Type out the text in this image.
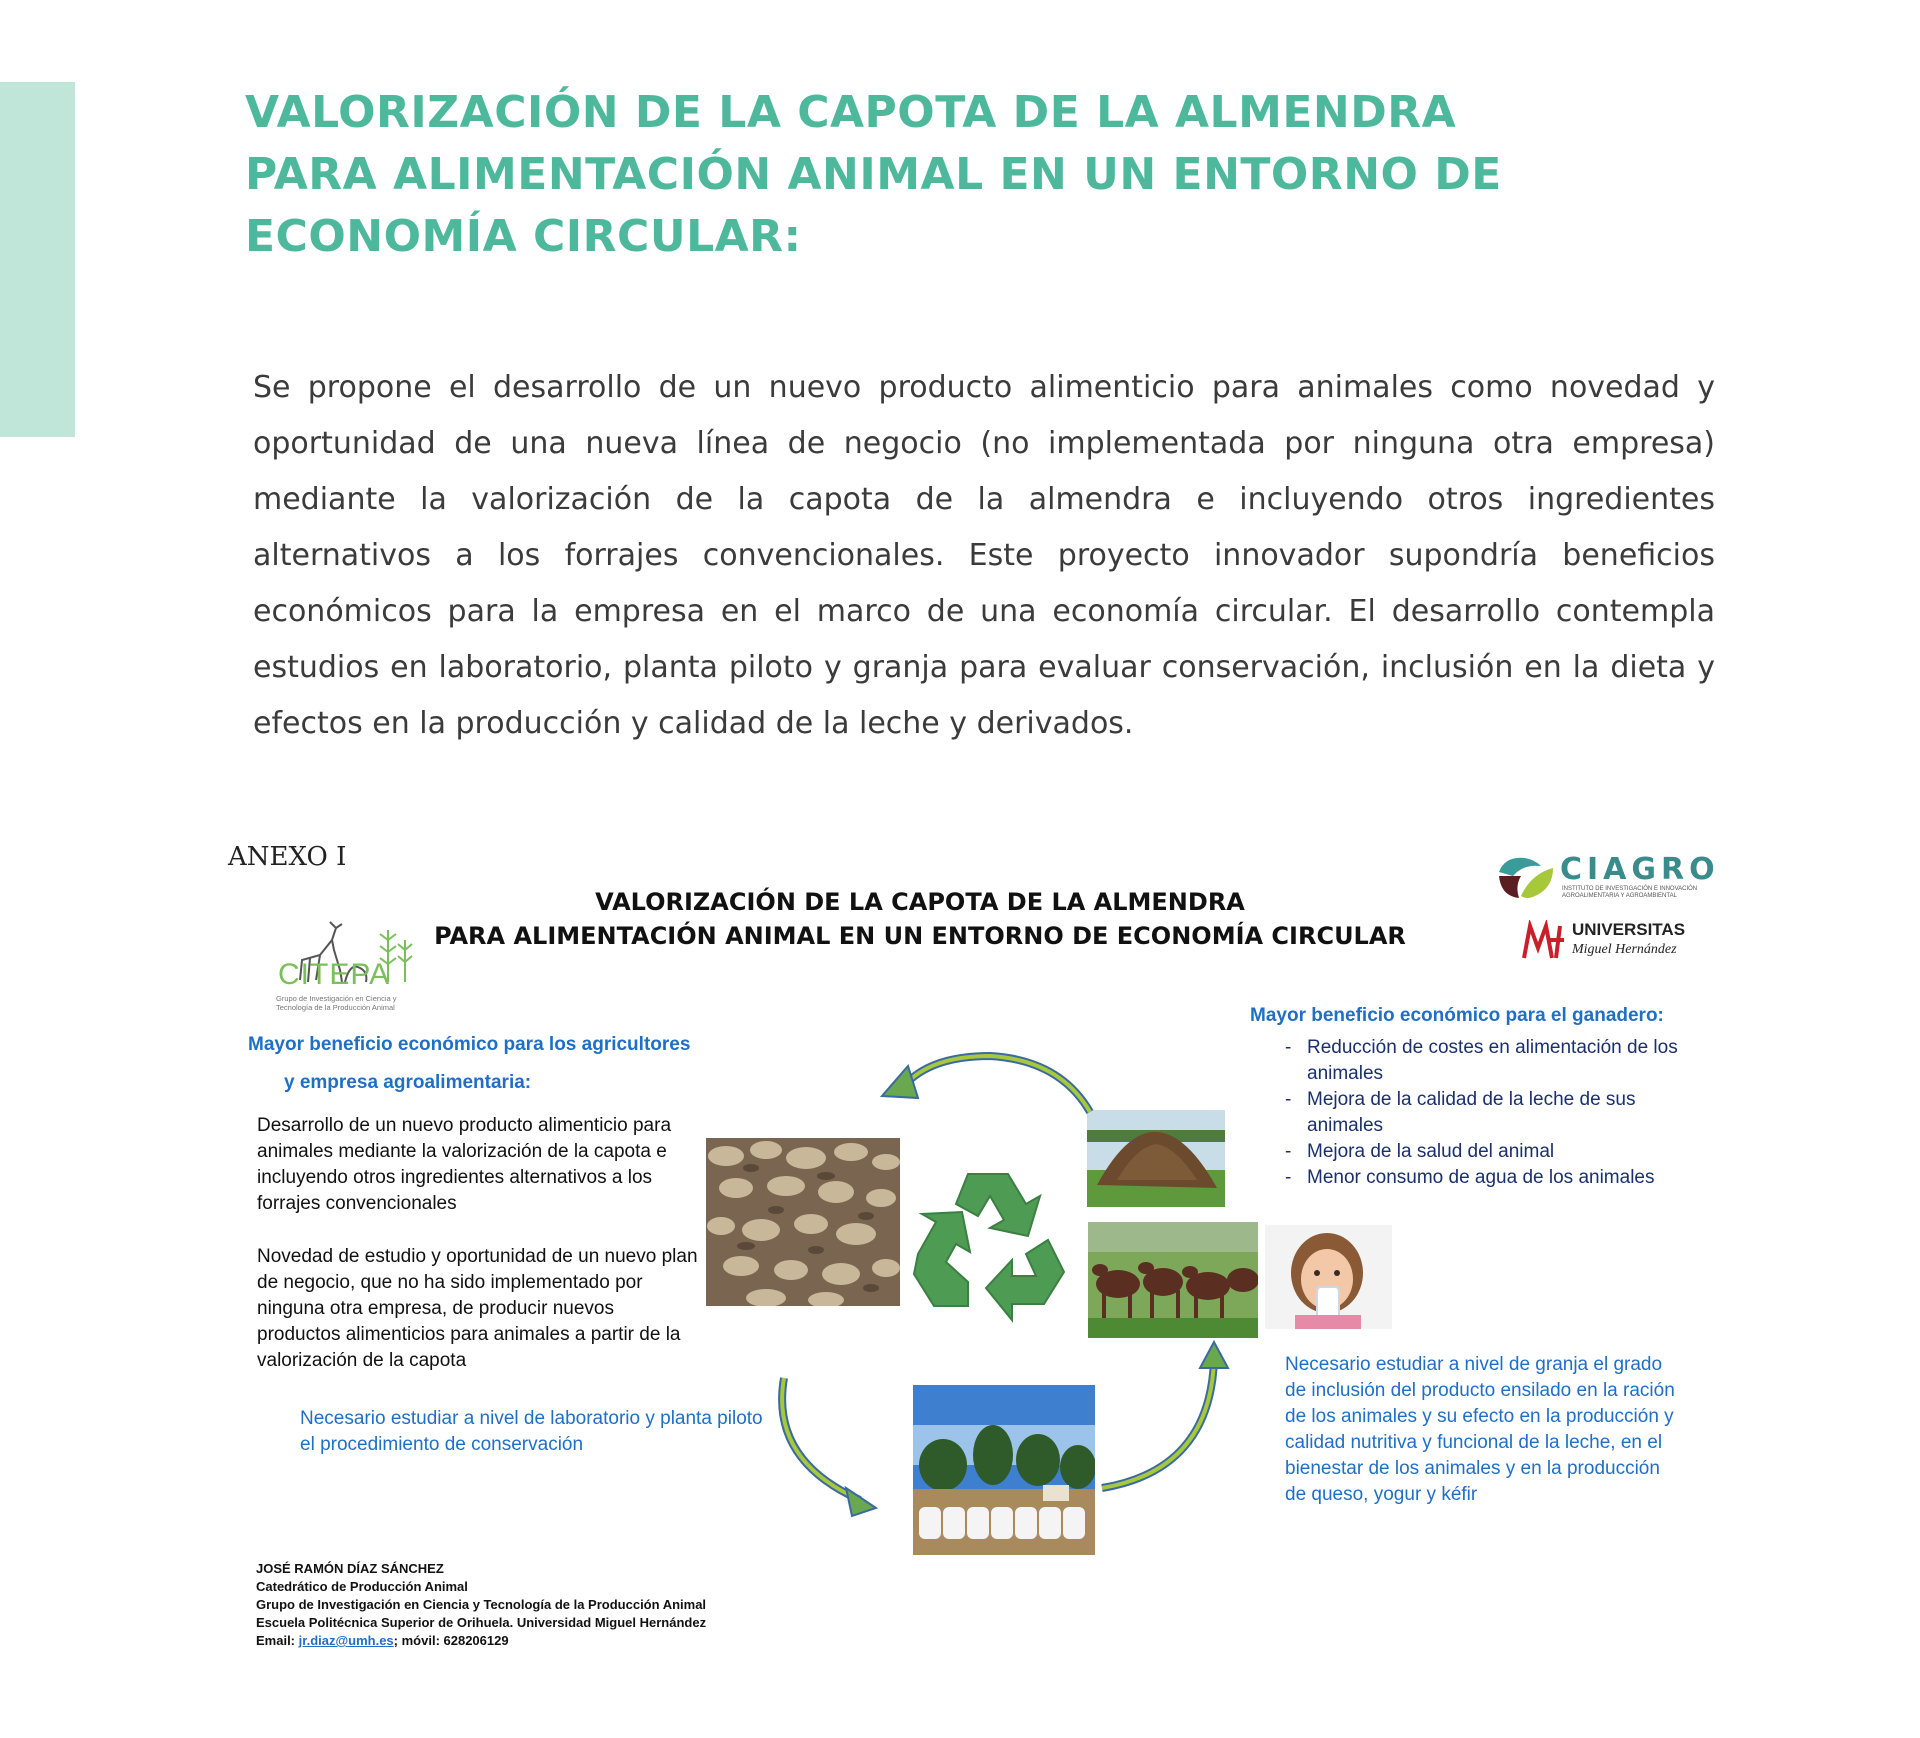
VALORIZACIÓN DE LA CAPOTA DE LA ALMENDRA
PARA ALIMENTACIÓN ANIMAL EN UN ENTORNO DE
ECONOMÍA CIRCULAR:

Se propone el desarrollo de un nuevo producto alimenticio para animales como novedad y oportunidad de una nueva línea de negocio (no implementada por ninguna otra empresa) mediante la valorización de la capota de la almendra e incluyendo otros ingredientes alternativos a los forrajes convencionales. Este proyecto innovador supondría beneficios económicos para la empresa en el marco de una economía circular. El desarrollo contempla estudios en laboratorio, planta piloto y granja para evaluar conservación, inclusión en la dieta y efectos en la producción y calidad de la leche y derivados.

ANEXO I
CITEPA
Grupo de Investigación en Ciencia y Tecnología de la Producción Animal
VALORIZACIÓN DE LA CAPOTA DE LA ALMENDRA
PARA ALIMENTACIÓN ANIMAL EN UN ENTORNO DE ECONOMÍA CIRCULAR
CIAGRO
INSTITUTO DE INVESTIGACIÓN E INNOVACIÓN AGROALIMENTARIA Y AGROAMBIENTAL
UNIVERSITAS
Miguel Hernández
Mayor beneficio económico para los agricultores
y empresa agroalimentaria:
Desarrollo de un nuevo producto alimenticio para animales mediante la valorización de la capota e incluyendo otros ingredientes alternativos a los forrajes convencionales
Novedad de estudio y oportunidad de un nuevo plan de negocio, que no ha sido implementado por ninguna otra empresa, de producir nuevos productos alimenticios para animales a partir de la valorización de la capota
Necesario estudiar a nivel de laboratorio y planta piloto el procedimiento de conservación
Mayor beneficio económico para el ganadero:
- Reducción de costes en alimentación de los animales
- Mejora de la calidad de la leche de sus animales
- Mejora de la salud del animal
- Menor consumo de agua de los animales
Necesario estudiar a nivel de granja el grado de inclusión del producto ensilado en la ración de los animales y su efecto en la producción y calidad nutritiva y funcional de la leche, en el bienestar de los animales y en la producción de queso, yogur y kéfir
JOSÉ RAMÓN DÍAZ SÁNCHEZ
Catedrático de Producción Animal
Grupo de Investigación en Ciencia y Tecnología de la Producción Animal
Escuela Politécnica Superior de Orihuela. Universidad Miguel Hernández
Email: jr.diaz@umh.es; móvil: 628206129
